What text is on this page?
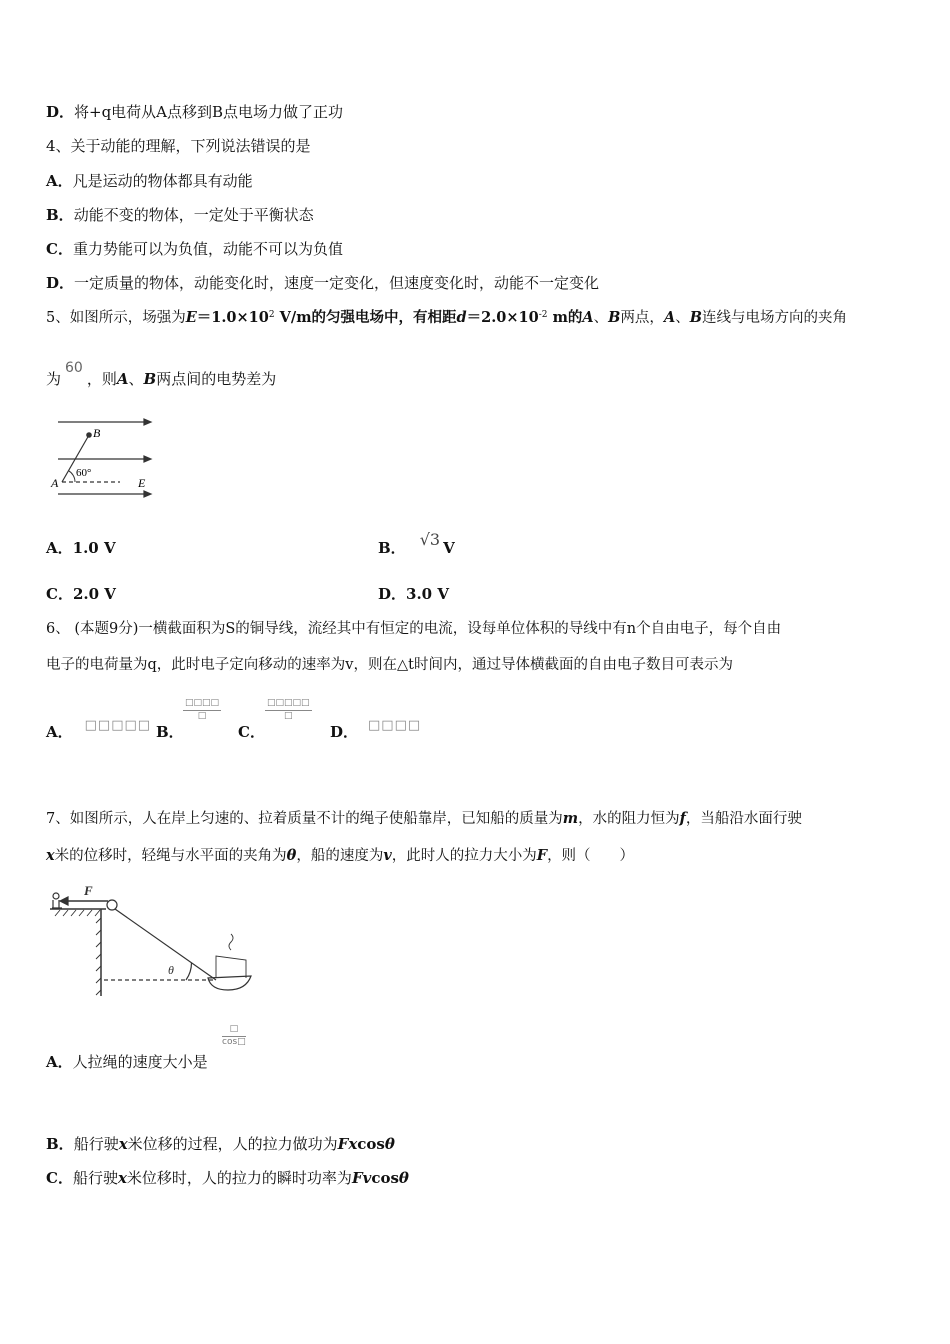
D．将+q电荷从A点移到B点电场力做了正功
4、关于动能的理解，下列说法错误的是
A．凡是运动的物体都具有动能
B．动能不变的物体，一定处于平衡状态
C．重力势能可以为负值，动能不可以为负值
D．一定质量的物体，动能变化时，速度一定变化，但速度变化时，动能不一定变化
5、如图所示，场强为$E=1.0\times 10^2$ V/m的匀强电场中，有相距$d=2.0\times 10^{-2}$ m的A、B两点，A、B连线与电场方向的夹角
为60，则A、B两点间的电势差为
B
A	E
60°
A．1.0 V	B． √3 V
C．2.0 V	D．3.0 V
6、 (本题9分)一横截面积为S的铜导线，流经其中有恒定的电流，设每单位体积的导线中有n个自由电子，每个自由
电子的电荷量为q，此时电子定向移动的速率为v，则在△t时间内，通过导体横截面的自由电子数目可表示为
A． □□□□□ B．
□□□□
□
C．
□□□□□
□
D． □□□□
7、如图所示，人在岸上匀速的、拉着质量不计的绳子使船靠岸，已知船的质量为m，水的阻力恒为f，当船沿水面行驶
x米的位移时，轻绳与水平面的夹角为θ，船的速度为v，此时人的拉力大小为F，则（　　）
F
θ
□
cos□
A．人拉绳的速度大小是
B．船行驶x米位移的过程，人的拉力做功为Fxcosθ
C．船行驶x米位移时，人的拉力的瞬时功率为Fvcosθ
